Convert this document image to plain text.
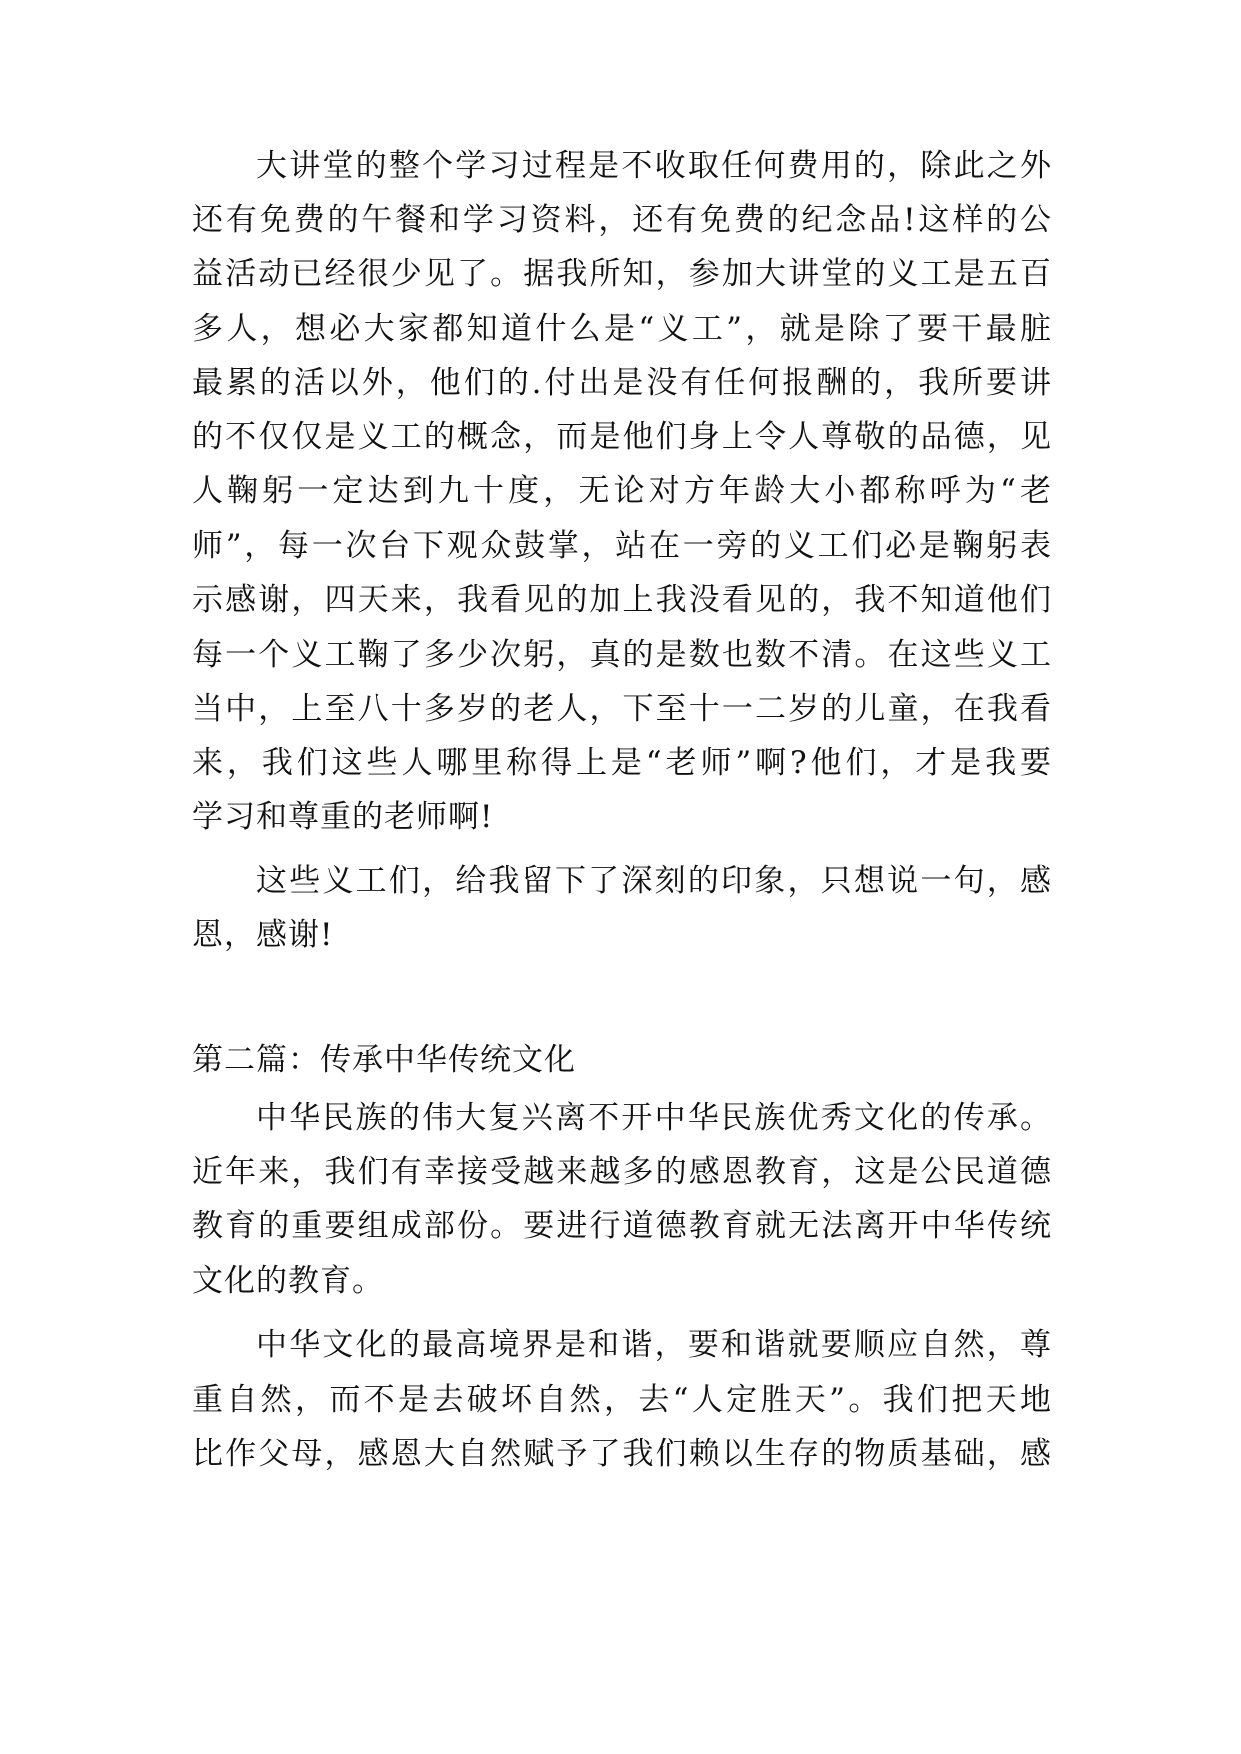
大讲堂的整个学习过程是不收取任何费用的，除此之外
还有免费的午餐和学习资料，还有免费的纪念品!这样的公
益活动已经很少见了。据我所知，参加大讲堂的义工是五百
多人，想必大家都知道什么是“义工”，就是除了要干最脏
最累的活以外，他们的.付出是没有任何报酬的，我所要讲
的不仅仅是义工的概念，而是他们身上令人尊敬的品德，见
人鞠躬一定达到九十度，无论对方年龄大小都称呼为“老
师”，每一次台下观众鼓掌，站在一旁的义工们必是鞠躬表
示感谢，四天来，我看见的加上我没看见的，我不知道他们
每一个义工鞠了多少次躬，真的是数也数不清。在这些义工
当中，上至八十多岁的老人，下至十一二岁的儿童，在我看
来，我们这些人哪里称得上是“老师”啊?他们，才是我要
学习和尊重的老师啊!
这些义工们，给我留下了深刻的印象，只想说一句，感
恩，感谢!
第二篇：传承中华传统文化
中华民族的伟大复兴离不开中华民族优秀文化的传承。
近年来，我们有幸接受越来越多的感恩教育，这是公民道德
教育的重要组成部份。要进行道德教育就无法离开中华传统
文化的教育。
中华文化的最高境界是和谐，要和谐就要顺应自然，尊
重自然，而不是去破坏自然，去“人定胜天”。我们把天地
比作父母，感恩大自然赋予了我们赖以生存的物质基础，感
